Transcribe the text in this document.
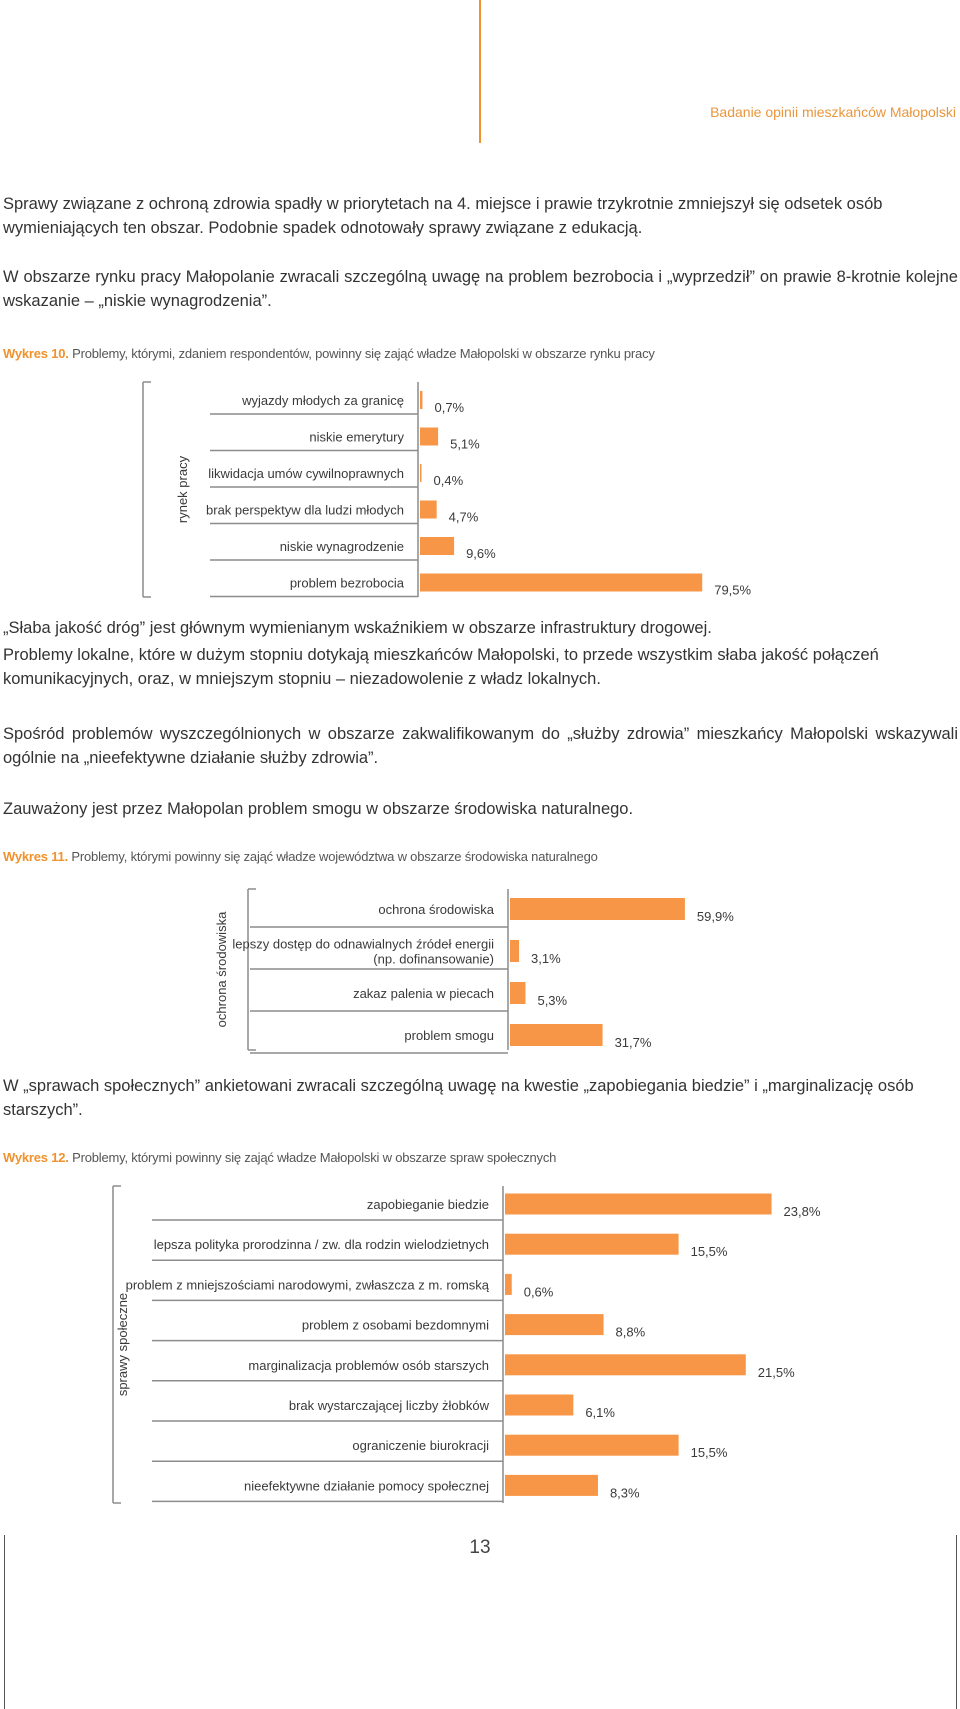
Badanie opinii mieszkańców Małopolski

Sprawy związane z ochroną zdrowia spadły w priorytetach na 4. miejsce i prawie trzykrotnie zmniejszył się odsetek osób wymieniających ten obszar. Podobnie spadek odnotowały sprawy związane z edukacją.

W obszarze rynku pracy Małopolanie zwracali szczególną uwagę na problem bezrobocia i „wyprzedził” on prawie 8-krotnie kolejne wskazanie – „niskie wynagrodzenia”.

Wykres 10. Problemy, którymi, zdaniem respondentów, powinny się zająć władze Małopolski w obszarze rynku pracy
rynek pracy
wyjazdy młodych za granicę 0,7%
niskie emerytury	5,1%
likwidacja umów cywilnoprawnych 0,4%
brak perspektyw dla ludzi młodych	4,7%
niskie wynagrodzenie	9,6%
problem bezrobocia	79,5%

„Słaba jakość dróg” jest głównym wymienianym wskaźnikiem w obszarze infrastruktury drogowej.

Problemy lokalne, które w dużym stopniu dotykają mieszkańców Małopolski, to przede wszystkim słaba jakość połączeń komunikacyjnych, oraz, w mniejszym stopniu – niezadowolenie z władz lokalnych.

Spośród problemów wyszczególnionych w obszarze zakwalifikowanym do „służby zdrowia” mieszkańcy Małopolski wskazywali ogólnie na „nieefektywne działanie służby zdrowia”.

Zauważony jest przez Małopolan problem smogu w obszarze środowiska naturalnego.

Wykres 11. Problemy, którymi powinny się zająć władze województwa w obszarze środowiska naturalnego
ochrona środowiska
ochrona środowiska	59,9%
lepszy dostęp do odnawialnych źródeł energii
(np. dofinansowanie)	3,1%
zakaz palenia w piecach	5,3%
problem smogu	31,7%

W „sprawach społecznych” ankietowani zwracali szczególną uwagę na kwestie „zapobiegania biedzie” i „marginalizację osób starszych”.

Wykres 12. Problemy, którymi powinny się zająć władze Małopolski w obszarze spraw społecznych
sprawy społeczne
zapobieganie biedzie	23,8%
lepsza polityka prorodzinna / zw. dla rodzin wielodzietnych	15,5%
problem z mniejszościami narodowymi, zwłaszcza z m. romską	0,6%
problem z osobami bezdomnymi	8,8%
marginalizacja problemów osób starszych	21,5%
brak wystarczającej liczby żłobków	6,1%
ograniczenie biurokracji	15,5%
nieefektywne działanie pomocy społecznej	8,3%
13
